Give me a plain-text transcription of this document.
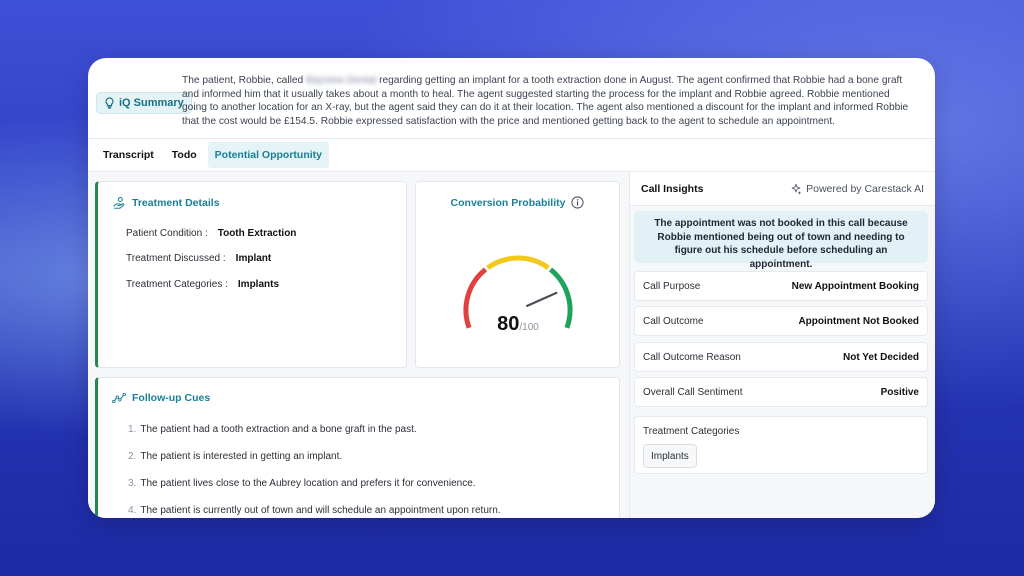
iQ Summary
The patient, Robbie, called Bayview Dental regarding getting an implant for a tooth extraction done in August. The agent confirmed that Robbie had a bone graft and informed him that it usually takes about a month to heal. The agent suggested starting the process for the implant and Robbie agreed. Robbie mentioned going to another location for an X-ray, but the agent said they can do it at their location. The agent also mentioned a discount for the implant and informed Robbie that the cost would be £154.5. Robbie expressed satisfaction with the price and mentioned getting back to the agent to schedule an appointment.
Transcript	Todo	Potential Opportunity
Treatment Details
Patient Condition : Tooth Extraction
Treatment Discussed : Implant
Treatment Categories : Implants
Conversion Probability
80/100
Follow-up Cues
1. The patient had a tooth extraction and a bone graft in the past.
2. The patient is interested in getting an implant.
3. The patient lives close to the Aubrey location and prefers it for convenience.
4. The patient is currently out of town and will schedule an appointment upon return.
Call Insights	Powered by Carestack AI
The appointment was not booked in this call because Robbie mentioned being out of town and needing to figure out his schedule before scheduling an appointment.
Call Purpose	New Appointment Booking
Call Outcome	Appointment Not Booked
Call Outcome Reason	Not Yet Decided
Overall Call Sentiment	Positive
Treatment Categories
Implants
